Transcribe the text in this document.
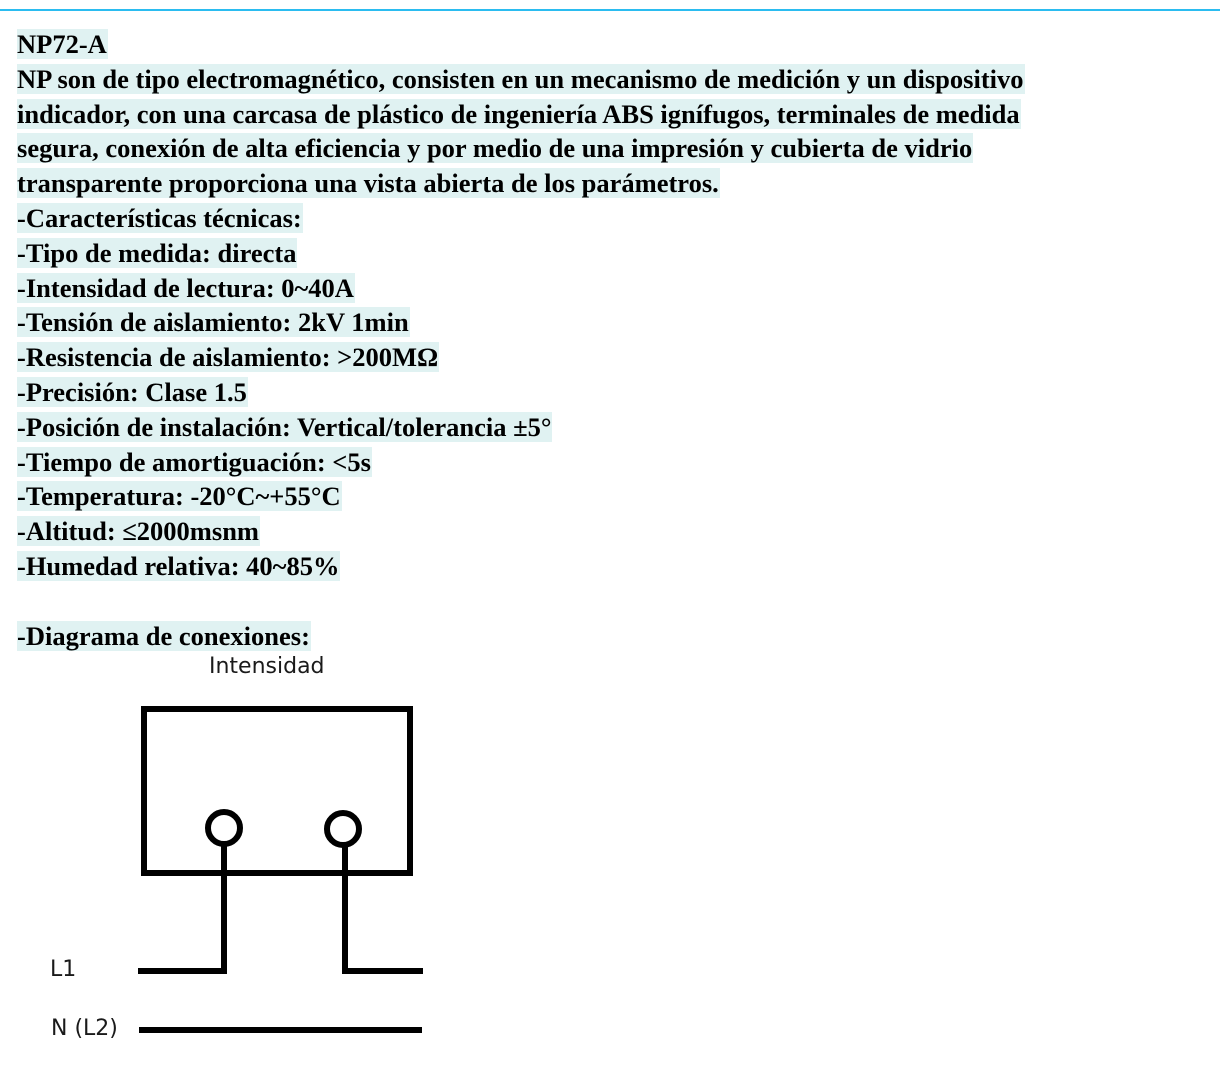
NP72-A
NP son de tipo electromagnético, consisten en un mecanismo de medición y un dispositivo
indicador, con una carcasa de plástico de ingeniería ABS ignífugos, terminales de medida
segura, conexión de alta eficiencia y por medio de una impresión y cubierta de vidrio
transparente proporciona una vista abierta de los parámetros.
-Características técnicas:
-Tipo de medida: directa
-Intensidad de lectura: 0~40A
-Tensión de aislamiento: 2kV 1min
-Resistencia de aislamiento: >200MΩ
-Precisión: Clase 1.5
-Posición de instalación: Vertical/tolerancia ±5°
-Tiempo de amortiguación: <5s
-Temperatura: -20°C~+55°C
-Altitud: ≤2000msnm
-Humedad relativa: 40~85%
-Diagrama de conexiones:
Intensidad
L1
N (L2)
